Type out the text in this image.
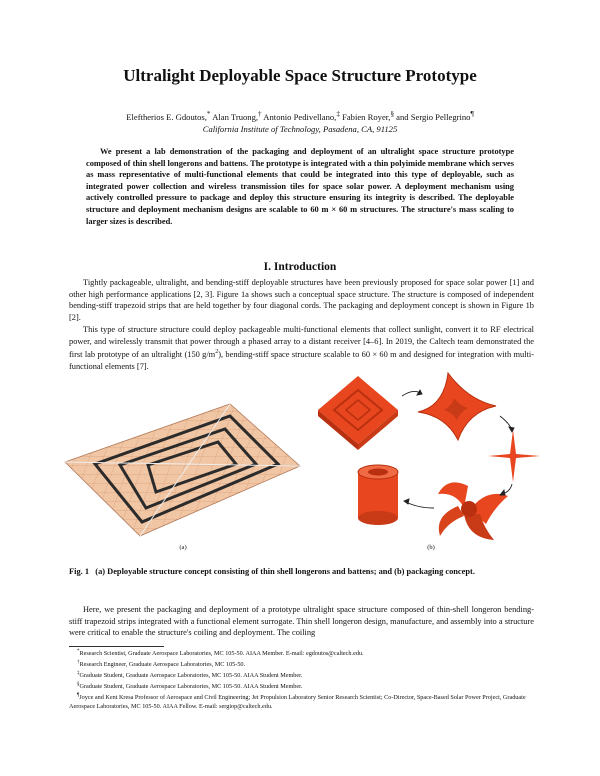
Ultralight Deployable Space Structure Prototype
Eleftherios E. Gdoutos,* Alan Truong,† Antonio Pedivellano,‡ Fabien Royer,§ and Sergio Pellegrino¶
California Institute of Technology, Pasadena, CA, 91125
We present a lab demonstration of the packaging and deployment of an ultralight space structure prototype composed of thin shell longerons and battens. The prototype is integrated with a thin polyimide membrane which serves as mass representative of multi-functional elements that could be integrated into this type of deployable, such as integrated power collection and wireless transmission tiles for space solar power. A deployment mechanism using actively controlled pressure to package and deploy this structure ensuring its integrity is described. The deployable structure and deployment mechanism designs are scalable to 60 m × 60 m structures. The structure's mass scaling to larger sizes is described.
I. Introduction
Tightly packageable, ultralight, and bending-stiff deployable structures have been previously proposed for space solar power [1] and other high performance applications [2, 3]. Figure 1a shows such a conceptual space structure. The structure is composed of independent bending-stiff trapezoid strips that are held together by four diagonal cords. The packaging and deployment concept is shown in Figure 1b [2].
This type of structure structure could deploy packageable multi-functional elements that collect sunlight, convert it to RF electrical power, and wirelessly transmit that power through a phased array to a distant receiver [4–6]. In 2019, the Caltech team demonstrated the first lab prototype of an ultralight (150 $g/m^2$), bending-stiff space structure scalable to 60 × 60 m and designed for integration with multi-functional elements [7].
(a)	(b)
Fig. 1 (a) Deployable structure concept consisting of thin shell longerons and battens; and (b) packaging concept.
Here, we present the packaging and deployment of a prototype ultralight space structure composed of thin-shell longeron bending-stiff trapezoid strips integrated with a functional element surrogate. Thin shell longeron design, manufacture, and assembly into a structure were critical to enable the structure's coiling and deployment. The coiling
*Research Scientist, Graduate Aerospace Laboratories, MC 105-50. AIAA Member. E-mail: egdoutos@caltech.edu.
†Research Engineer, Graduate Aerospace Laboratories, MC 105-50.
‡Graduate Student, Graduate Aerospace Laboratories, MC 105-50. AIAA Student Member.
§Graduate Student, Graduate Aerospace Laboratories, MC 105-50. AIAA Student Member.
¶Joyce and Kent Kresa Professor of Aerospace and Civil Engineering; Jet Propulsion Laboratory Senior Research Scientist; Co-Director, Space-Based Solar Power Project, Graduate Aerospace Laboratories, MC 105-50. AIAA Fellow. E-mail: sergiop@caltech.edu.
